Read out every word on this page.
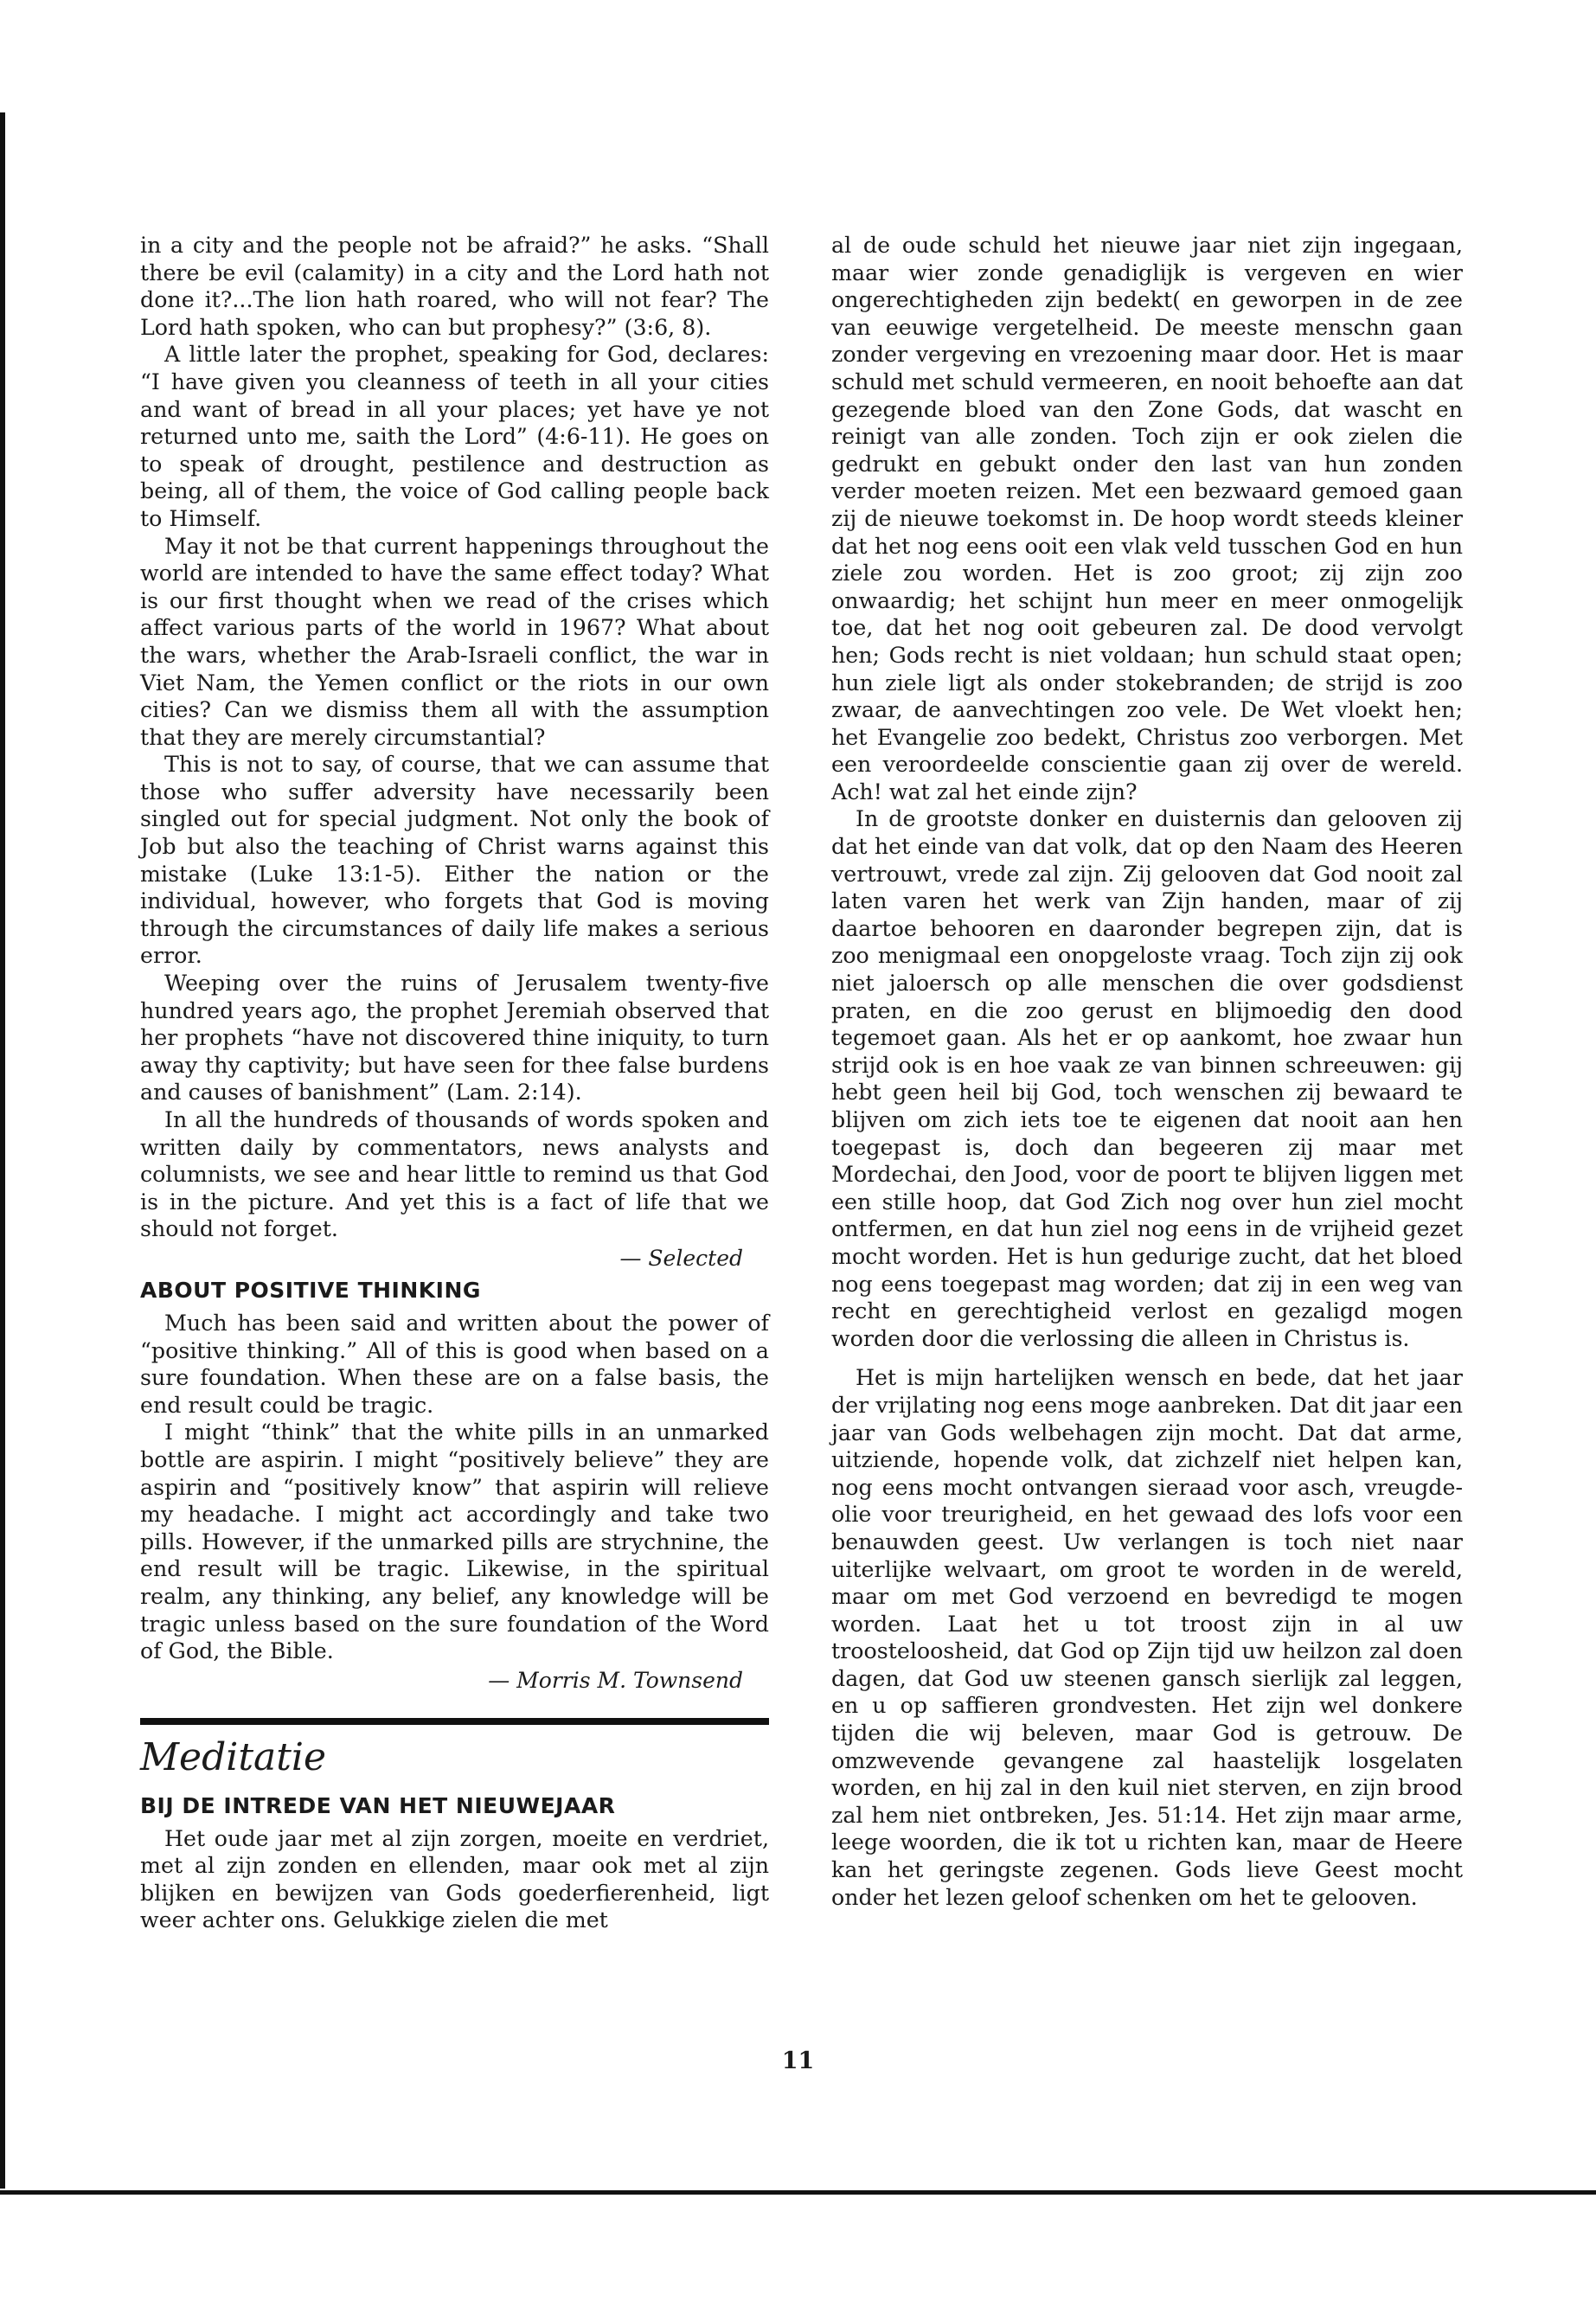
in a city and the people not be afraid?” he asks. “Shall there be evil (calamity) in a city and the Lord hath not done it?...The lion hath roared, who will not fear? The Lord hath spoken, who can but prophesy?” (3:6, 8).

A little later the prophet, speaking for God, declares: “I have given you cleanness of teeth in all your cities and want of bread in all your places; yet have ye not returned unto me, saith the Lord” (4:6-11). He goes on to speak of drought, pestilence and destruction as being, all of them, the voice of God calling people back to Himself.

May it not be that current happenings throughout the world are intended to have the same effect today? What is our first thought when we read of the crises which affect various parts of the world in 1967? What about the wars, whether the Arab-Israeli conflict, the war in Viet Nam, the Yemen conflict or the riots in our own cities? Can we dismiss them all with the assumption that they are merely circumstantial?

This is not to say, of course, that we can assume that those who suffer adversity have necessarily been singled out for special judgment. Not only the book of Job but also the teaching of Christ warns against this mistake (Luke 13:1-5). Either the nation or the individual, however, who forgets that God is moving through the circumstances of daily life makes a serious error.

Weeping over the ruins of Jerusalem twenty-five hundred years ago, the prophet Jeremiah observed that her prophets “have not discovered thine iniquity, to turn away thy captivity; but have seen for thee false burdens and causes of banishment” (Lam. 2:14).

In all the hundreds of thousands of words spoken and written daily by commentators, news analysts and columnists, we see and hear little to remind us that God is in the picture. And yet this is a fact of life that we should not forget.

— Selected
ABOUT POSITIVE THINKING

Much has been said and written about the power of “positive thinking.” All of this is good when based on a sure foundation. When these are on a false basis, the end result could be tragic.

I might “think” that the white pills in an unmarked bottle are aspirin. I might “positively believe” they are aspirin and “positively know” that aspirin will relieve my headache. I might act accordingly and take two pills. However, if the unmarked pills are strychnine, the end result will be tragic. Likewise, in the spiritual realm, any thinking, any belief, any knowledge will be tragic unless based on the sure foundation of the Word of God, the Bible.

— Morris M. Townsend
Meditatie
BIJ DE INTREDE VAN HET NIEUWEJAAR

Het oude jaar met al zijn zorgen, moeite en verdriet, met al zijn zonden en ellenden, maar ook met al zijn blijken en bewijzen van Gods goederfierenheid, ligt weer achter ons. Gelukkige zielen die met

al de oude schuld het nieuwe jaar niet zijn ingegaan, maar wier zonde genadiglijk is vergeven en wier ongerechtigheden zijn bedekt( en geworpen in de zee van eeuwige vergetelheid. De meeste menschn gaan zonder vergeving en vrezoening maar door. Het is maar schuld met schuld vermeeren, en nooit behoefte aan dat gezegende bloed van den Zone Gods, dat wascht en reinigt van alle zonden. Toch zijn er ook zielen die gedrukt en gebukt onder den last van hun zonden verder moeten reizen. Met een bezwaard gemoed gaan zij de nieuwe toekomst in. De hoop wordt steeds kleiner dat het nog eens ooit een vlak veld tusschen God en hun ziele zou worden. Het is zoo groot; zij zijn zoo onwaardig; het schijnt hun meer en meer onmogelijk toe, dat het nog ooit gebeuren zal. De dood vervolgt hen; Gods recht is niet voldaan; hun schuld staat open; hun ziele ligt als onder stokebranden; de strijd is zoo zwaar, de aanvechtingen zoo vele. De Wet vloekt hen; het Evangelie zoo bedekt, Christus zoo verborgen. Met een veroordeelde conscientie gaan zij over de wereld. Ach! wat zal het einde zijn?

In de grootste donker en duisternis dan gelooven zij dat het einde van dat volk, dat op den Naam des Heeren vertrouwt, vrede zal zijn. Zij gelooven dat God nooit zal laten varen het werk van Zijn handen, maar of zij daartoe behooren en daaronder begrepen zijn, dat is zoo menigmaal een onopgeloste vraag. Toch zijn zij ook niet jaloersch op alle menschen die over godsdienst praten, en die zoo gerust en blijmoedig den dood tegemoet gaan. Als het er op aankomt, hoe zwaar hun strijd ook is en hoe vaak ze van binnen schreeuwen: gij hebt geen heil bij God, toch wenschen zij bewaard te blijven om zich iets toe te eigenen dat nooit aan hen toegepast is, doch dan begeeren zij maar met Mordechai, den Jood, voor de poort te blijven liggen met een stille hoop, dat God Zich nog over hun ziel mocht ontfermen, en dat hun ziel nog eens in de vrijheid gezet mocht worden. Het is hun gedurige zucht, dat het bloed nog eens toegepast mag worden; dat zij in een weg van recht en gerechtigheid verlost en gezaligd mogen worden door die verlossing die alleen in Christus is.

Het is mijn hartelijken wensch en bede, dat het jaar der vrijlating nog eens moge aanbreken. Dat dit jaar een jaar van Gods welbehagen zijn mocht. Dat dat arme, uitziende, hopende volk, dat zichzelf niet helpen kan, nog eens mocht ontvangen sieraad voor asch, vreugde-olie voor treurigheid, en het gewaad des lofs voor een benauwden geest. Uw verlangen is toch niet naar uiterlijke welvaart, om groot te worden in de wereld, maar om met God verzoend en bevredigd te mogen worden. Laat het u tot troost zijn in al uw troosteloosheid, dat God op Zijn tijd uw heilzon zal doen dagen, dat God uw steenen gansch sierlijk zal leggen, en u op saffieren grondvesten. Het zijn wel donkere tijden die wij beleven, maar God is getrouw. De omzwevende gevangene zal haastelijk losgelaten worden, en hij zal in den kuil niet sterven, en zijn brood zal hem niet ontbreken, Jes. 51:14. Het zijn maar arme, leege woorden, die ik tot u richten kan, maar de Heere kan het geringste zegenen. Gods lieve Geest mocht onder het lezen geloof schenken om het te gelooven.

11
